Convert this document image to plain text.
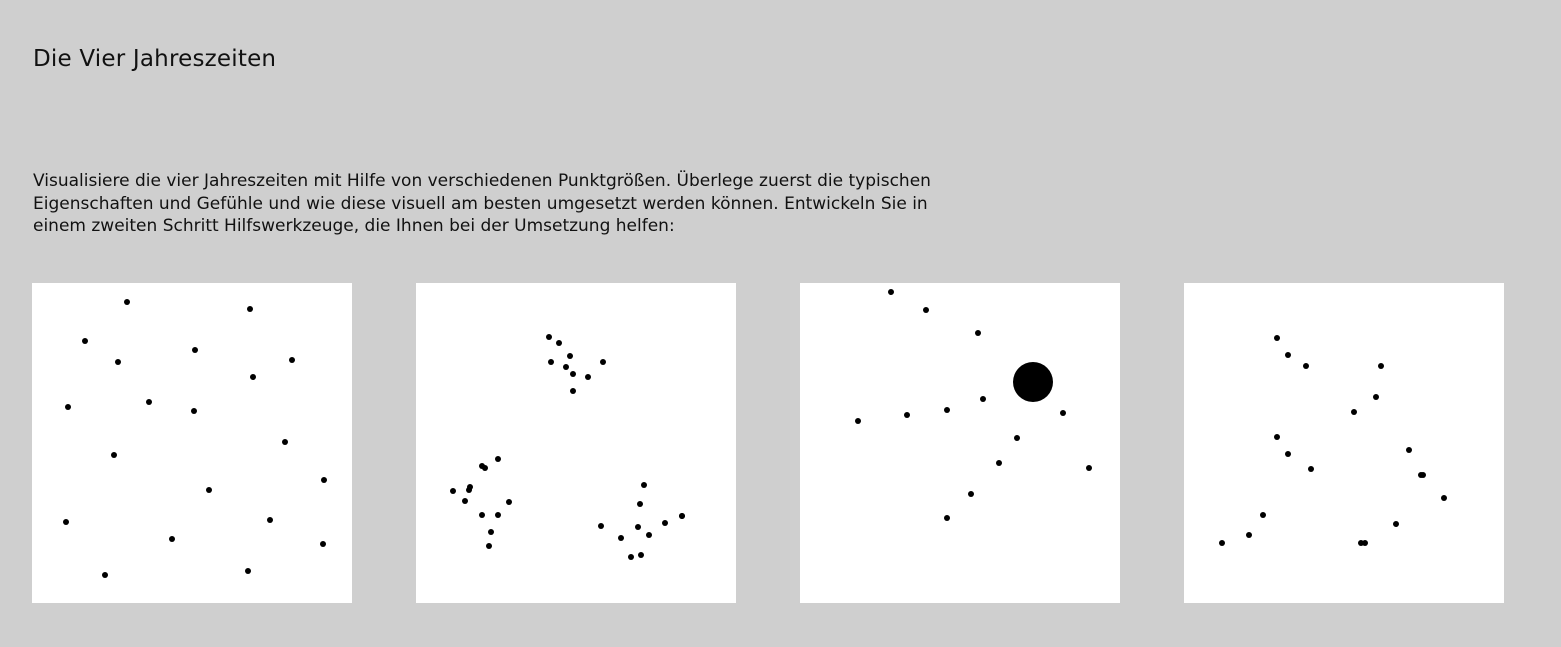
Die Vier Jahreszeiten

Visualisiere die vier Jahreszeiten mit Hilfe von verschiedenen Punktgrößen. Überlege zuerst die typischen
Eigenschaften und Gefühle und wie diese visuell am besten umgesetzt werden können. Entwickeln Sie in
einem zweiten Schritt Hilfswerkzeuge, die Ihnen bei der Umsetzung helfen:
